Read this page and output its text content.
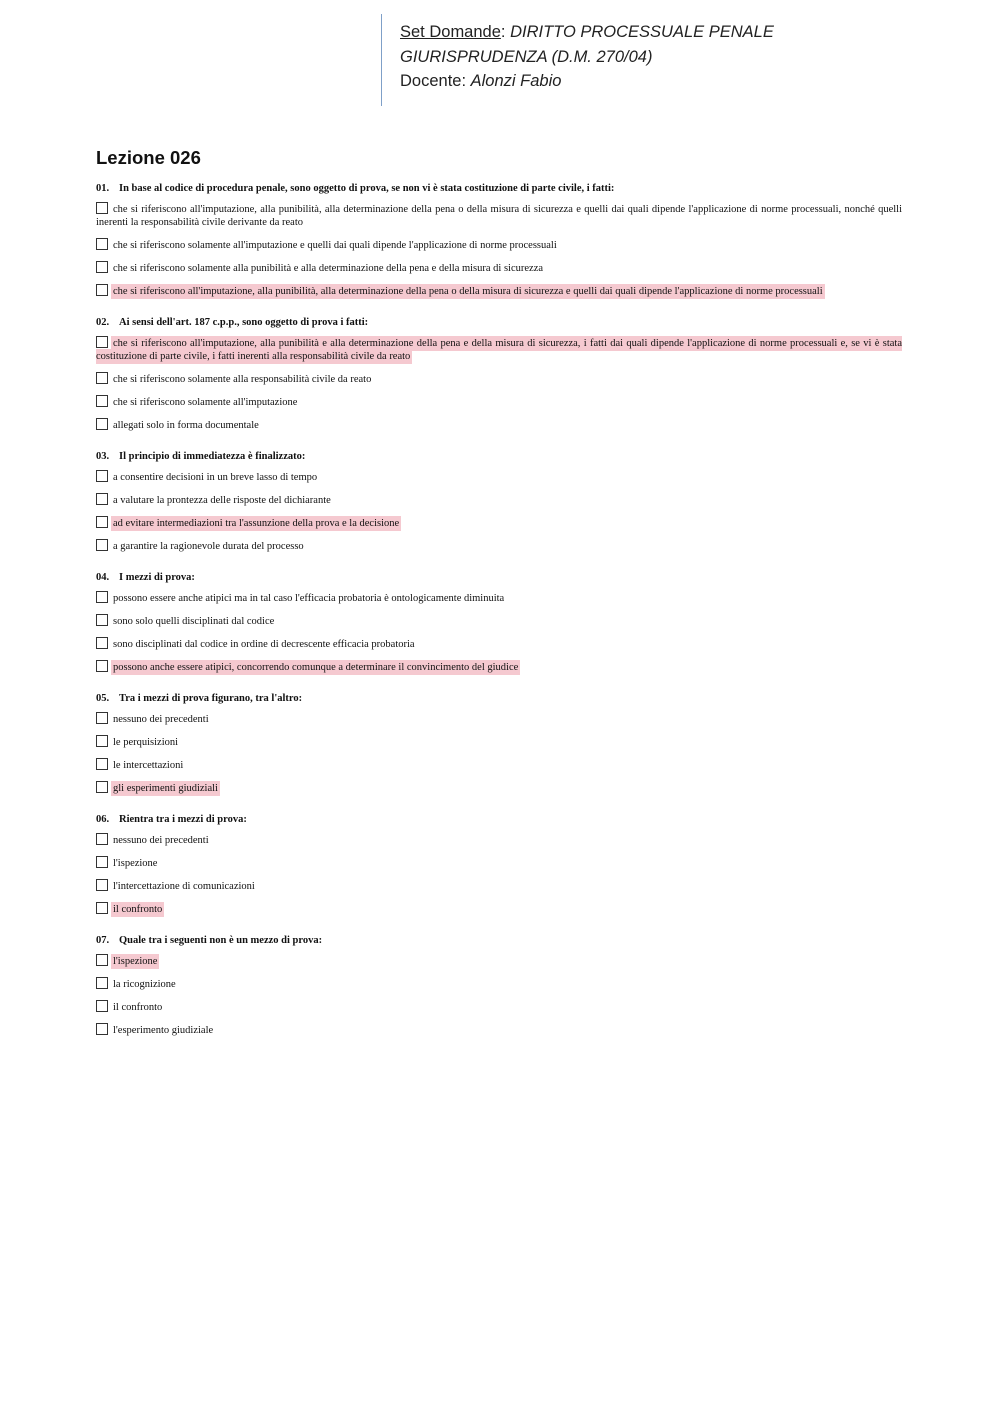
Set Domande: DIRITTO PROCESSUALE PENALE
GIURISPRUDENZA (D.M. 270/04)
Docente: Alonzi Fabio
Lezione 026
01. In base al codice di procedura penale, sono oggetto di prova, se non vi è stata costituzione di parte civile, i fatti:
che si riferiscono all'imputazione, alla punibilità, alla determinazione della pena o della misura di sicurezza e quelli dai quali dipende l'applicazione di norme processuali, nonché quelli inerenti la responsabilità civile derivante da reato
che si riferiscono solamente all'imputazione e quelli dai quali dipende l'applicazione di norme processuali
che si riferiscono solamente alla punibilità e alla determinazione della pena e della misura di sicurezza
che si riferiscono all'imputazione, alla punibilità, alla determinazione della pena o della misura di sicurezza e quelli dai quali dipende l'applicazione di norme processuali
02. Ai sensi dell'art. 187 c.p.p., sono oggetto di prova i fatti:
che si riferiscono all'imputazione, alla punibilità e alla determinazione della pena e della misura di sicurezza, i fatti dai quali dipende l'applicazione di norme processuali e, se vi è stata costituzione di parte civile, i fatti inerenti alla responsabilità civile da reato
che si riferiscono solamente alla responsabilità civile da reato
che si riferiscono solamente all'imputazione
allegati solo in forma documentale
03. Il principio di immediatezza è finalizzato:
a consentire decisioni in un breve lasso di tempo
a valutare la prontezza delle risposte del dichiarante
ad evitare intermediazioni tra l'assunzione della prova e la decisione
a garantire la ragionevole durata del processo
04. I mezzi di prova:
possono essere anche atipici ma in tal caso l'efficacia probatoria è ontologicamente diminuita
sono solo quelli disciplinati dal codice
sono disciplinati dal codice in ordine di decrescente efficacia probatoria
possono anche essere atipici, concorrendo comunque a determinare il convincimento del giudice
05. Tra i mezzi di prova figurano, tra l'altro:
nessuno dei precedenti
le perquisizioni
le intercettazioni
gli esperimenti giudiziali
06. Rientra tra i mezzi di prova:
nessuno dei precedenti
l'ispezione
l'intercettazione di comunicazioni
il confronto
07. Quale tra i seguenti non è un mezzo di prova:
l'ispezione
la ricognizione
il confronto
l'esperimento giudiziale
